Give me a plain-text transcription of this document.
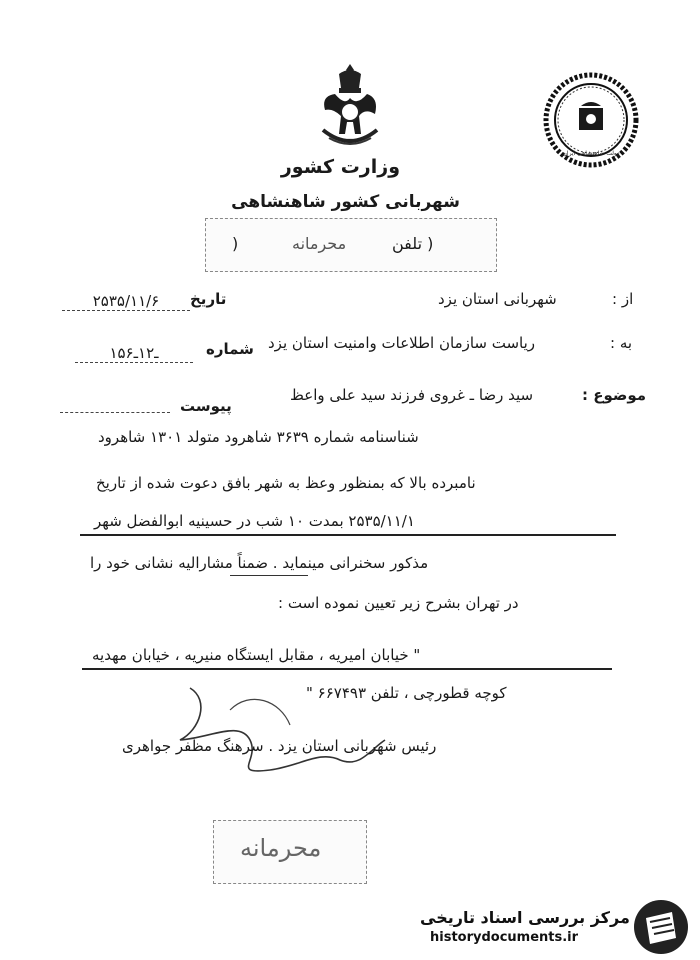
وزارت کشور
شهربانی کشور شاهنشاهی
دولت شاهنشاهی ایران
( تلفن
محرمانه
)
از :
شهربانی استان یزد
تاریخ
۲۵۳۵/۱۱/۶
به :
ریاست سازمان اطلاعات وامنیت استان یزد
شماره
۱ـ۱۲ـ۵۶
موضوع :
سید رضا ـ غروی فرزند سید علی واعظ
پیوست
شناسنامه شماره ۳۶۳۹ شاهرود متولد ۱۳۰۱ شاهرود
نامبرده بالا که بمنظور وعظ به شهر بافق دعوت شده از تاریخ
۲۵۳۵/۱۱/۱ بمدت ۱۰ شب در حسینیه ابوالفضل شهر
مذکور سخنرانی مینماید . ضمناً مشارالیه نشانی خود را
در تهران بشرح زیر تعیین نموده است :
" خیابان امیریه ، مقابل ایستگاه منیریه ، خیابان مهدیه
کوچه قطورچی ، تلفن ۶۶۷۴۹۳ "
رئیس شهربانی استان یزد . سرهنگ مظفر جواهری
محرمانه
مرکز بررسی اسناد تاریخی
historydocuments.ir
